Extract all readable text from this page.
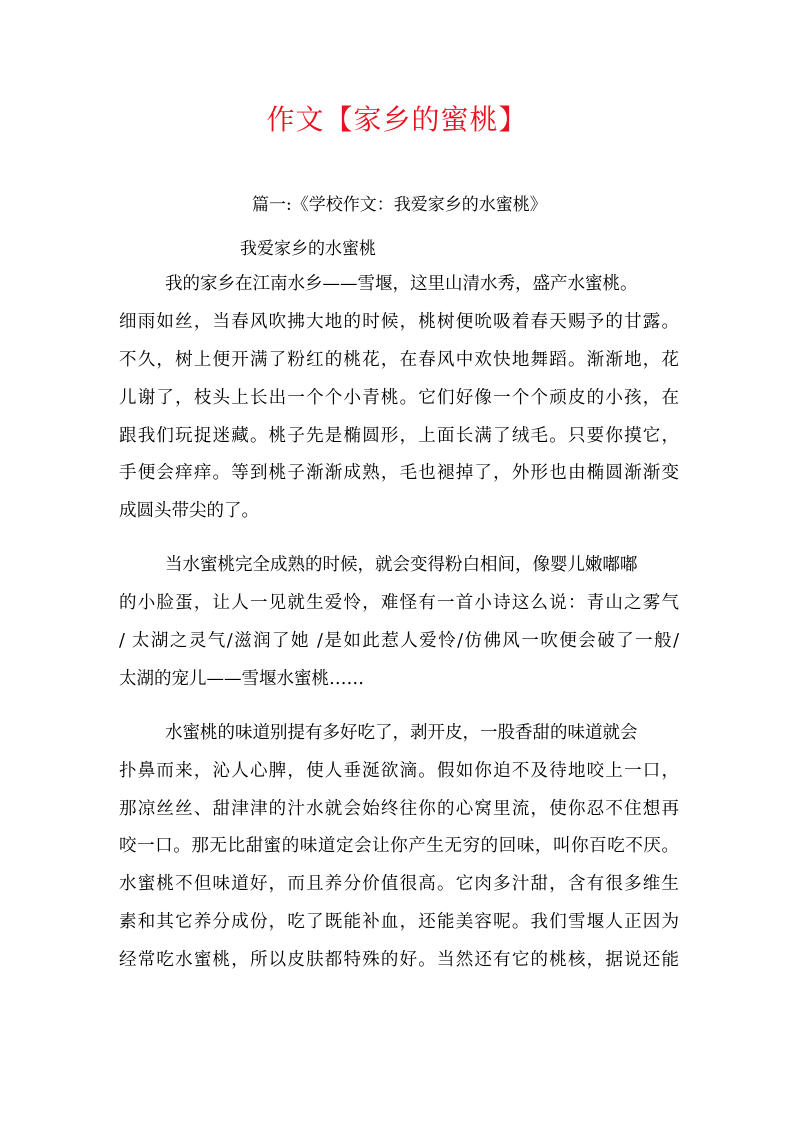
作文【家乡的蜜桃】
篇一:《学校作文：我爱家乡的水蜜桃》
我爱家乡的水蜜桃
我的家乡在江南水乡——雪堰，这里山清水秀，盛产水蜜桃。
细雨如丝，当春风吹拂大地的时候，桃树便吮吸着春天赐予的甘露。
不久，树上便开满了粉红的桃花，在春风中欢快地舞蹈。渐渐地，花
儿谢了，枝头上长出一个个小青桃。它们好像一个个顽皮的小孩，在
跟我们玩捉迷藏。桃子先是椭圆形，上面长满了绒毛。只要你摸它，
手便会痒痒。等到桃子渐渐成熟，毛也褪掉了，外形也由椭圆渐渐变
成圆头带尖的了。
当水蜜桃完全成熟的时候，就会变得粉白相间，像婴儿嫩嘟嘟
的小脸蛋，让人一见就生爱怜，难怪有一首小诗这么说：青山之雾气
/ 太湖之灵气/滋润了她 /是如此惹人爱怜/仿佛风一吹便会破了一般/
太湖的宠儿——雪堰水蜜桃……
水蜜桃的味道别提有多好吃了，剥开皮，一股香甜的味道就会
扑鼻而来，沁人心脾，使人垂涎欲滴。假如你迫不及待地咬上一口，
那凉丝丝、甜津津的汁水就会始终往你的心窝里流，使你忍不住想再
咬一口。那无比甜蜜的味道定会让你产生无穷的回味，叫你百吃不厌。
水蜜桃不但味道好，而且养分价值很高。它肉多汁甜，含有很多维生
素和其它养分成份，吃了既能补血，还能美容呢。我们雪堰人正因为
经常吃水蜜桃，所以皮肤都特殊的好。当然还有它的桃核，据说还能
